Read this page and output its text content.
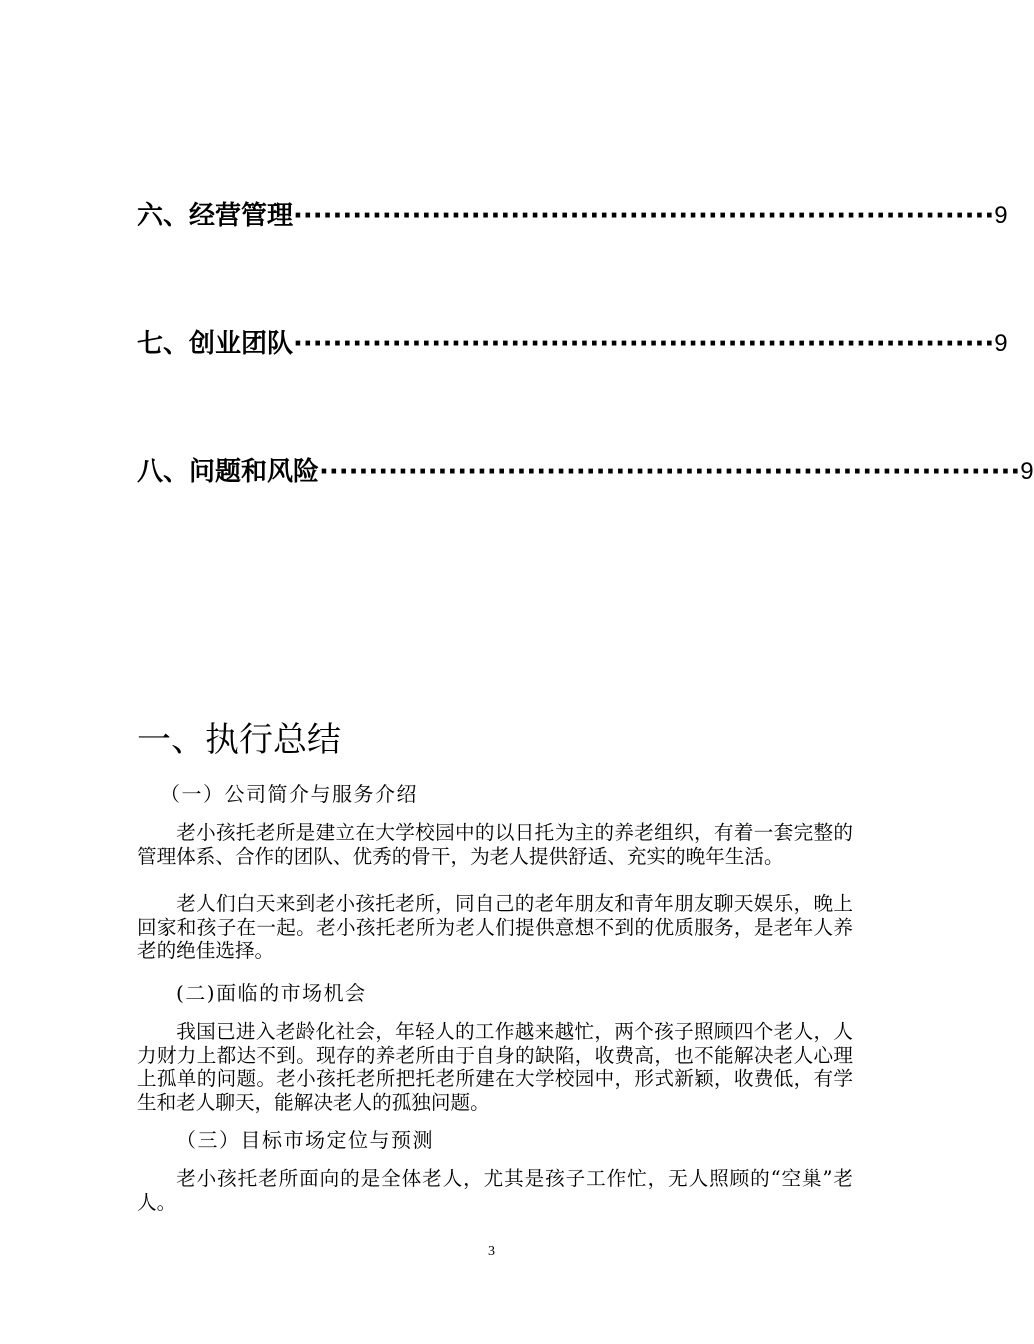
六、经营管理 ······································································· 9
七、创业团队 ······································································· 9
八、问题和风险 ······································································· 9
一、执行总结
（一）公司简介与服务介绍

老小孩托老所是建立在大学校园中的以日托为主的养老组织，有着一套完整的管理体系、合作的团队、优秀的骨干，为老人提供舒适、充实的晚年生活。

老人们白天来到老小孩托老所，同自己的老年朋友和青年朋友聊天娱乐，晚上回家和孩子在一起。老小孩托老所为老人们提供意想不到的优质服务，是老年人养老的绝佳选择。

(二)面临的市场机会

我国已进入老龄化社会，年轻人的工作越来越忙，两个孩子照顾四个老人，人力财力上都达不到。现存的养老所由于自身的缺陷，收费高，也不能解决老人心理上孤单的问题。老小孩托老所把托老所建在大学校园中，形式新颖，收费低，有学生和老人聊天，能解决老人的孤独问题。

（三）目标市场定位与预测

老小孩托老所面向的是全体老人，尤其是孩子工作忙，无人照顾的“空巢”老人。

3
